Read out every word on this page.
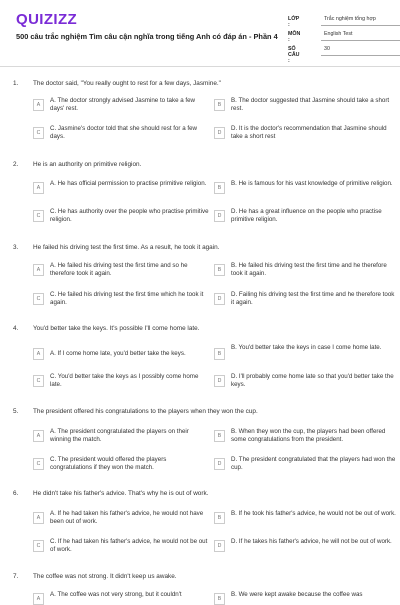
QUIZIZZ
500 câu trắc nghiệm Tìm câu cận nghĩa trong tiếng Anh có đáp án - Phần 4
LỚP :
Trắc nghiệm tổng hợp
MÔN :
English Test
SỐ CÂU :
30
1. The doctor said, "You really ought to rest for a few days, Jasmine."
A
A. The doctor strongly advised Jasmine to take a few days' rest.	B
B. The doctor suggested that Jasmine should take a short rest.
C
C. Jasmine's doctor told that she should rest for a few days.	D
D. It is the doctor's recommendation that Jasmine should take a short rest
2. He is an authority on primitive religion.
A
A. He has official permission to practise primitive religion.
B
B. He is famous for his vast knowledge of primitive religion.
C
C. He has authority over the people who practise primitive religion.	D
D. He has a great influence on the people who practise primitive religion.
3. He failed his driving test the first time. As a result, he took it again.
A
A. He failed his driving test the first time and so he therefore took it again.	B
B. He failed his driving test the first time and he therefore took it again.
C
C. He failed his driving test the first time which he took it again.	D
D. Failing his driving test the first time and he therefore took it again.
4. You'd better take the keys. It's possible I'll come home late.
A	A. If I come home late, you'd better take the keys.	B
B. You'd better take the keys in case I come home late.
C
C. You'd better take the keys as I possibly come home late.	D
D. I'll probably come home late so that you'd better take the keys.
5. The president offered his congratulations to the players when they won the cup.
A
A. The president congratulated the players on their winning the match.	B
B. When they won the cup, the players had been offered some congratulations from the president.
C
C. The president would offered the players congratulations if they won the match.	D
D. The president congratulated that the players had won the cup.
6. He didn't take his father's advice. That's why he is out of work.
A
A. If he had taken his father's advice, he would not have been out of work.	B
B. If he took his father's advice, he would not be out of work.
C
C. If he had taken his father's advice, he would not be out of work.	D
D. If he takes his father's advice, he will not be out of work.
7. The coffee was not strong. It didn't keep us awake.
A
A. The coffee was not very strong, but it couldn't
B
B. We were kept awake because the coffee was
